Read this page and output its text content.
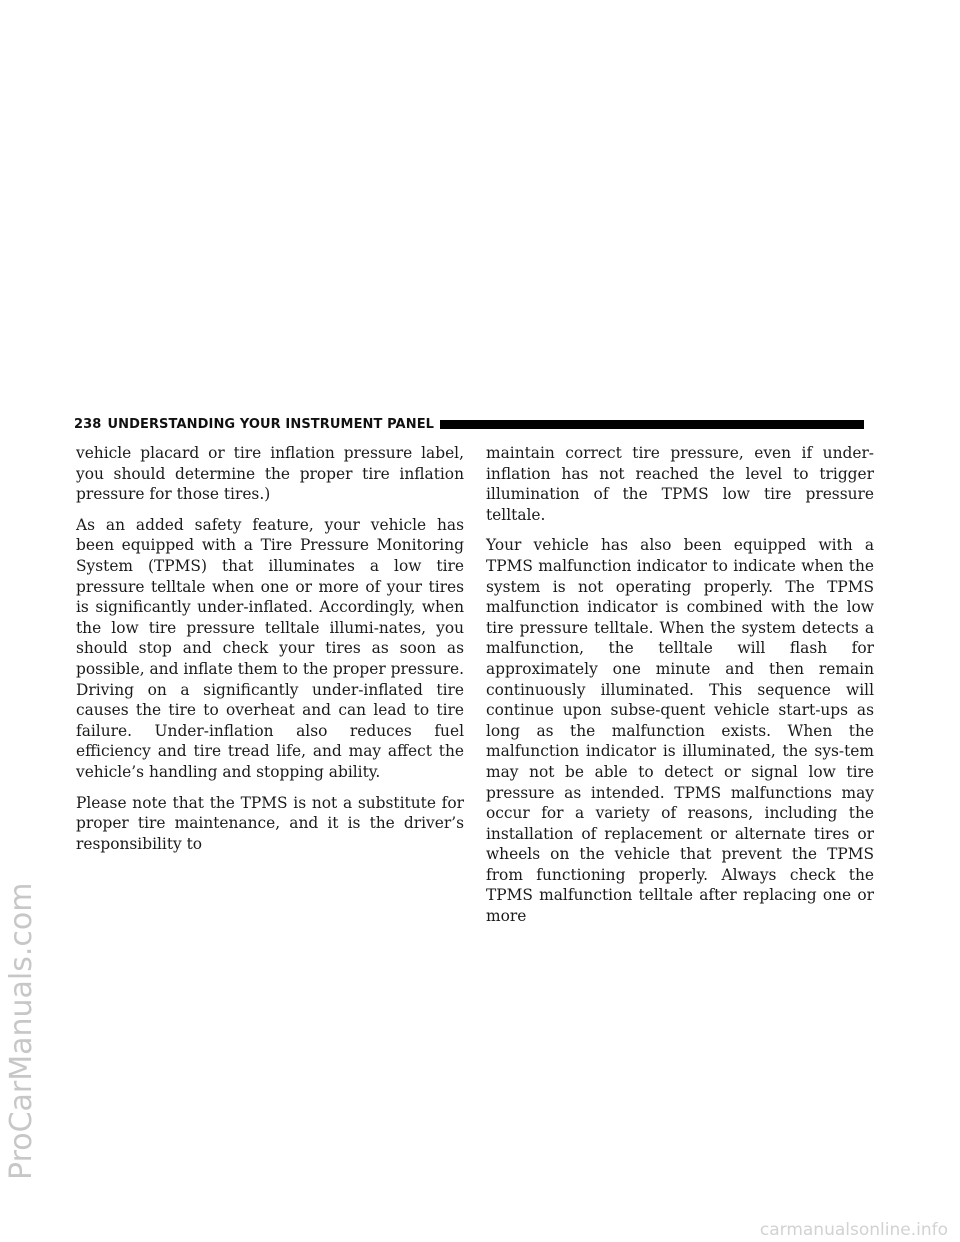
ProCarManuals.com
238 UNDERSTANDING YOUR INSTRUMENT PANEL

vehicle placard or tire inflation pressure label, you should determine the proper tire inflation pressure for those tires.)

As an added safety feature, your vehicle has been equipped with a Tire Pressure Monitoring System (TPMS) that illuminates a low tire pressure telltale when one or more of your tires is significantly under-inflated. Accordingly, when the low tire pressure telltale illumi-nates, you should stop and check your tires as soon as possible, and inflate them to the proper pressure. Driving on a significantly under-inflated tire causes the tire to overheat and can lead to tire failure. Under-inflation also reduces fuel efficiency and tire tread life, and may affect the vehicle’s handling and stopping ability.

Please note that the TPMS is not a substitute for proper tire maintenance, and it is the driver’s responsibility to

maintain correct tire pressure, even if under-inflation has not reached the level to trigger illumination of the TPMS low tire pressure telltale.

Your vehicle has also been equipped with a TPMS malfunction indicator to indicate when the system is not operating properly. The TPMS malfunction indicator is combined with the low tire pressure telltale. When the system detects a malfunction, the telltale will flash for approximately one minute and then remain continuously illuminated. This sequence will continue upon subse-quent vehicle start-ups as long as the malfunction exists. When the malfunction indicator is illuminated, the sys-tem may not be able to detect or signal low tire pressure as intended. TPMS malfunctions may occur for a variety of reasons, including the installation of replacement or alternate tires or wheels on the vehicle that prevent the TPMS from functioning properly. Always check the TPMS malfunction telltale after replacing one or more

carmanualsonline.info
